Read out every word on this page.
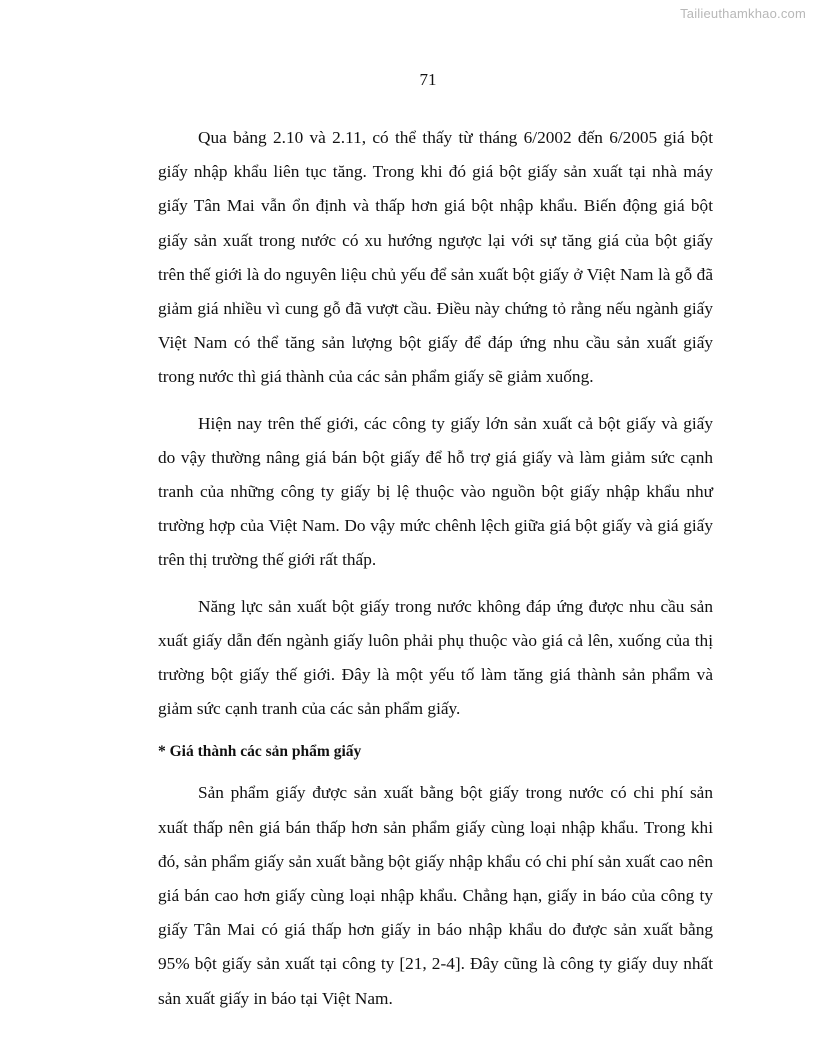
Tailieuthamkhao.com
71

Qua bảng 2.10 và 2.11, có thể thấy từ tháng 6/2002 đến 6/2005 giá bột giấy nhập khẩu liên tục tăng. Trong khi đó giá bột giấy sản xuất tại nhà máy giấy Tân Mai vẫn ổn định và thấp hơn giá bột nhập khẩu. Biến động giá bột giấy sản xuất trong nước có xu hướng ngược lại với sự tăng giá của bột giấy trên thế giới là do nguyên liệu chủ yếu để sản xuất bột giấy ở Việt Nam là gỗ đã giảm giá nhiều vì cung gỗ đã vượt cầu. Điều này chứng tỏ rằng nếu ngành giấy Việt Nam có thể tăng sản lượng bột giấy để đáp ứng nhu cầu sản xuất giấy trong nước thì giá thành của các sản phẩm giấy sẽ giảm xuống.

Hiện nay trên thế giới, các công ty giấy lớn sản xuất cả bột giấy và giấy do vậy thường nâng giá bán bột giấy để hỗ trợ giá giấy và làm giảm sức cạnh tranh của những công ty giấy bị lệ thuộc vào nguồn bột giấy nhập khẩu như trường hợp của Việt Nam. Do vậy mức chênh lệch giữa giá bột giấy và giá giấy trên thị trường thế giới rất thấp.

Năng lực sản xuất bột giấy trong nước không đáp ứng được nhu cầu sản xuất giấy dẫn đến ngành giấy luôn phải phụ thuộc vào giá cả lên, xuống của thị trường bột giấy thế giới. Đây là một yếu tố làm tăng giá thành sản phẩm và giảm sức cạnh tranh của các sản phẩm giấy.

* Giá thành các sản phẩm giấy

Sản phẩm giấy được sản xuất bằng bột giấy trong nước có chi phí sản xuất thấp nên giá bán thấp hơn sản phẩm giấy cùng loại nhập khẩu. Trong khi đó, sản phẩm giấy sản xuất bằng bột giấy nhập khẩu có chi phí sản xuất cao nên giá bán cao hơn giấy cùng loại nhập khẩu. Chẳng hạn, giấy in báo của công ty giấy Tân Mai có giá thấp hơn giấy in báo nhập khẩu do được sản xuất bằng 95% bột giấy sản xuất tại công ty [21, 2-4]. Đây cũng là công ty giấy duy nhất sản xuất giấy in báo tại Việt Nam.
